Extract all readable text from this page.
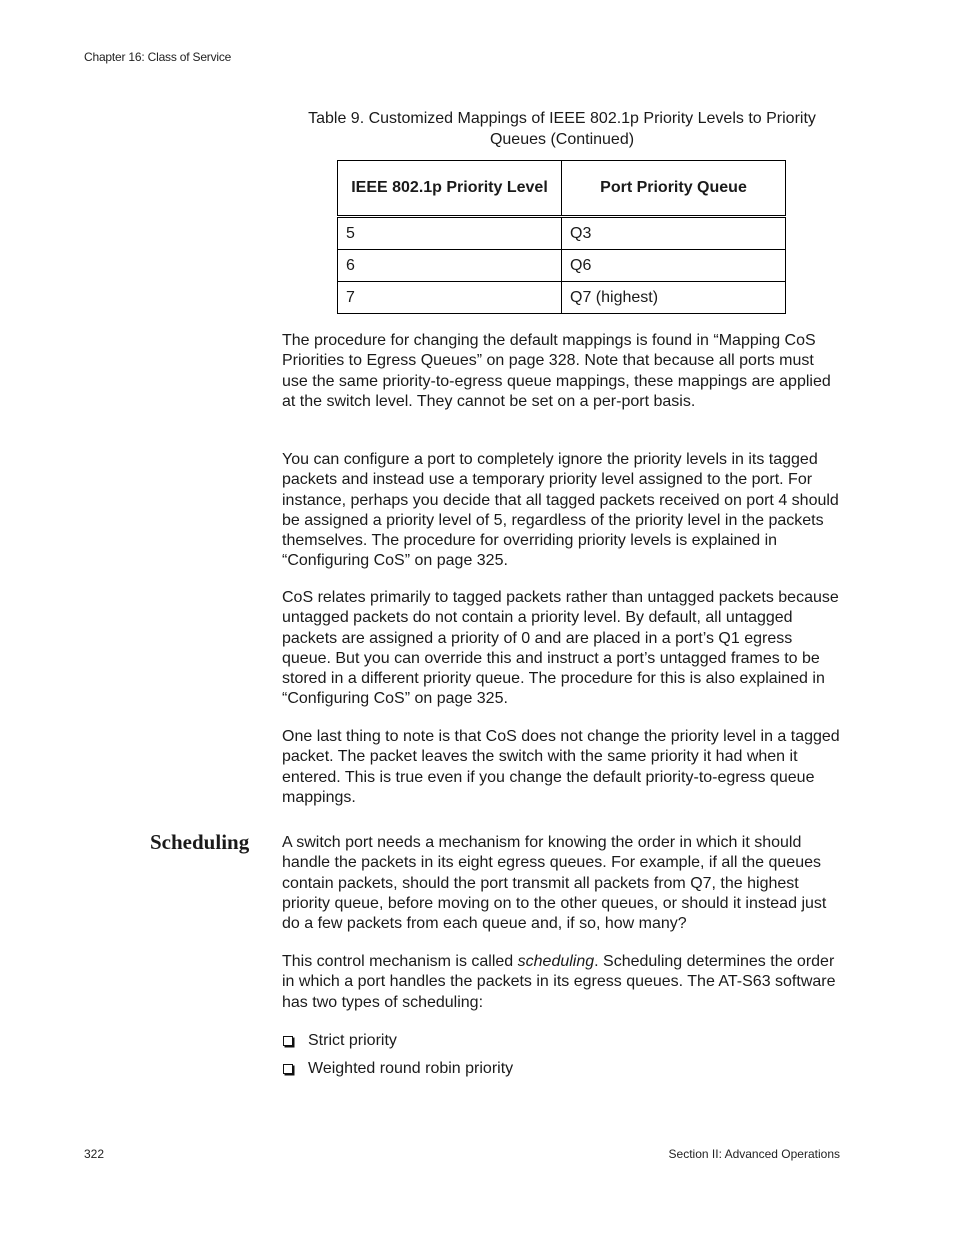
Chapter 16: Class of Service
Table 9. Customized Mappings of IEEE 802.1p Priority Levels to Priority Queues (Continued)
IEEE 802.1p Priority Level	Port Priority Queue
5	Q3
6	Q6
7	Q7 (highest)

The procedure for changing the default mappings is found in “Mapping CoS Priorities to Egress Queues” on page 328. Note that because all ports must use the same priority-to-egress queue mappings, these mappings are applied at the switch level. They cannot be set on a per-port basis.

You can configure a port to completely ignore the priority levels in its tagged packets and instead use a temporary priority level assigned to the port. For instance, perhaps you decide that all tagged packets received on port 4 should be assigned a priority level of 5, regardless of the priority level in the packets themselves. The procedure for overriding priority levels is explained in “Configuring CoS” on page 325.

CoS relates primarily to tagged packets rather than untagged packets because untagged packets do not contain a priority level. By default, all untagged packets are assigned a priority of 0 and are placed in a port’s Q1 egress queue. But you can override this and instruct a port’s untagged frames to be stored in a different priority queue. The procedure for this is also explained in “Configuring CoS” on page 325.

One last thing to note is that CoS does not change the priority level in a tagged packet. The packet leaves the switch with the same priority it had when it entered. This is true even if you change the default priority-to-egress queue mappings.

Scheduling A switch port needs a mechanism for knowing the order in which it should handle the packets in its eight egress queues. For example, if all the queues contain packets, should the port transmit all packets from Q7, the highest priority queue, before moving on to the other queues, or should it instead just do a few packets from each queue and, if so, how many?

This control mechanism is called scheduling. Scheduling determines the order in which a port handles the packets in its egress queues. The AT-S63 software has two types of scheduling:

Strict priority
Weighted round robin priority
322	Section II: Advanced Operations
